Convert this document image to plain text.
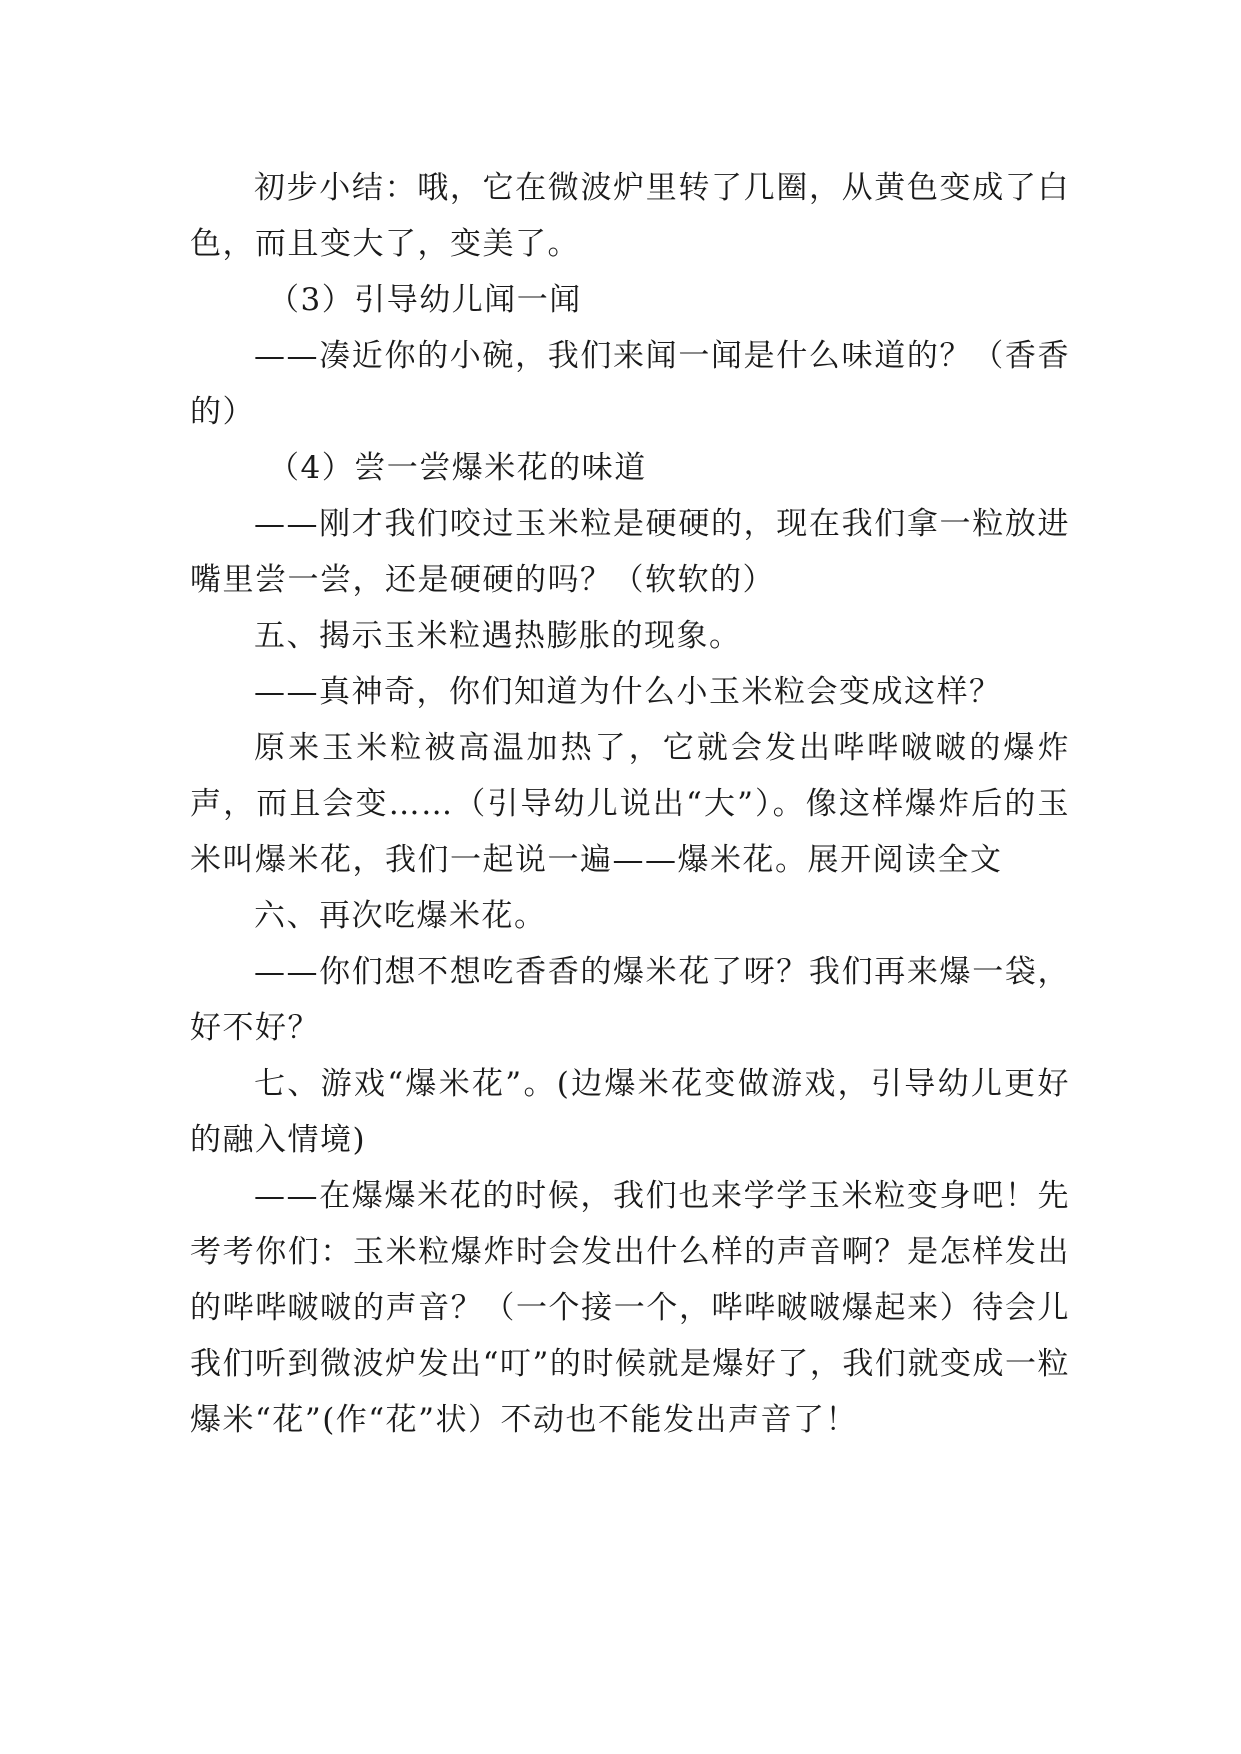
初步小结：哦，它在微波炉里转了几圈，从黄色变成了白色，而且变大了，变美了。

（3）引导幼儿闻一闻

——凑近你的小碗，我们来闻一闻是什么味道的？（香香的）

（4）尝一尝爆米花的味道

——刚才我们咬过玉米粒是硬硬的，现在我们拿一粒放进嘴里尝一尝，还是硬硬的吗？（软软的）

五、揭示玉米粒遇热膨胀的现象。

——真神奇，你们知道为什么小玉米粒会变成这样？

原来玉米粒被高温加热了，它就会发出哔哔啵啵的爆炸声，而且会变……（引导幼儿说出“大”）。像这样爆炸后的玉米叫爆米花，我们一起说一遍——爆米花。展开阅读全文

六、再次吃爆米花。

——你们想不想吃香香的爆米花了呀？我们再来爆一袋，好不好？

七、游戏“爆米花”。(边爆米花变做游戏，引导幼儿更好的融入情境)

——在爆爆米花的时候，我们也来学学玉米粒变身吧！先考考你们：玉米粒爆炸时会发出什么样的声音啊？是怎样发出的哔哔啵啵的声音？（一个接一个，哔哔啵啵爆起来）待会儿我们听到微波炉发出“叮”的时候就是爆好了，我们就变成一粒爆米“花”(作“花”状）不动也不能发出声音了！
